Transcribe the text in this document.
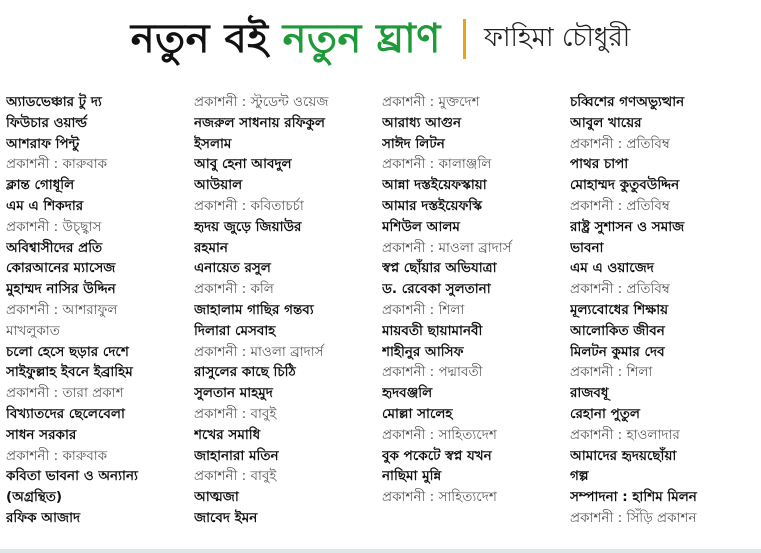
নতুন বই নতুন ঘ্রাণ ফাহিমা চৌধুরী
অ্যাডভেঞ্চার টু দ্য
ফিউচার ওয়ার্ল্ড
আশরাফ পিন্টু
প্রকাশনী : কারুবাক
ক্লান্ত গোধূলি
এম এ শিকদার
প্রকাশনী : উচ্ছ্বাস
অবিশ্বাসীদের প্রতি
কোরআনের ম্যাসেজ
মুহাম্মদ নাসির উদ্দিন
প্রকাশনী : আশরাফুল
মাখলুকাত
চলো হেসে ছড়ার দেশে
সাইফুল্লাহ ইবনে ইব্রাহিম
প্রকাশনী : তারা প্রকাশ
বিখ্যাতদের ছেলেবেলা
সাধন সরকার
প্রকাশনী : কারুবাক
কবিতা ভাবনা ও অন্যান্য
(অগ্রন্থিত)
রফিক আজাদ
প্রকাশনী : স্টুডেন্ট ওয়েজ
নজরুল সাধনায় রফিকুল
ইসলাম
আবু হেনা আবদুল
আউয়াল
প্রকাশনী : কবিতাচর্চা
হৃদয় জুড়ে জিয়াউর
রহমান
এনায়েত রসুল
প্রকাশনী : কলি
জাহালাম গাছির গন্তব্য
দিলারা মেসবাহ
প্রকাশনী : মাওলা ব্রাদার্স
রাসুলের কাছে চিঠি
সুলতান মাহমুদ
প্রকাশনী : বাবুই
শখের সমাধি
জাহানারা মতিন
প্রকাশনী : বাবুই
আত্মজা
জাবেদ ইমন
প্রকাশনী : মুক্তদেশ
আরাধ্য আগুন
সাঈদ লিটন
প্রকাশনী : কালাঞ্জলি
আন্না দস্তইয়েফস্কায়া
আমার দস্তইয়েফস্কি
মশিউল আলম
প্রকাশনী : মাওলা ব্রাদার্স
স্বপ্ন ছোঁয়ার অভিযাত্রা
ড. রেবেকা সুলতানা
প্রকাশনী : শিলা
মায়বতী ছায়ামানবী
শাহীনুর আসিফ
প্রকাশনী : পদ্মাবতী
হৃদবঞ্জলি
মোল্লা সালেহ
প্রকাশনী : সাহিত্যদেশ
বুক পকেটে স্বপ্ন যখন
নাছিমা মুন্নি
প্রকাশনী : সাহিত্যদেশ
চব্বিশের গণঅভ্যুত্থান
আবুল খায়ের
প্রকাশনী : প্রতিবিম্ব
পাথর চাপা
মোহাম্মদ কুতুবউদ্দিন
প্রকাশনী : প্রতিবিম্ব
রাষ্ট্র সুশাসন ও সমাজ
ভাবনা
এম এ ওয়াজেদ
প্রকাশনী : প্রতিবিম্ব
মূল্যবোধের শিক্ষায়
আলোকিত জীবন
মিলটন কুমার দেব
প্রকাশনী : শিলা
রাজবধূ
রেহানা পুতুল
প্রকাশনী : হাওলাদার
আমাদের হৃদয়ছোঁয়া
গল্প
সম্পাদনা : হাশিম মিলন
প্রকাশনী : সিঁড়ি প্রকাশন
